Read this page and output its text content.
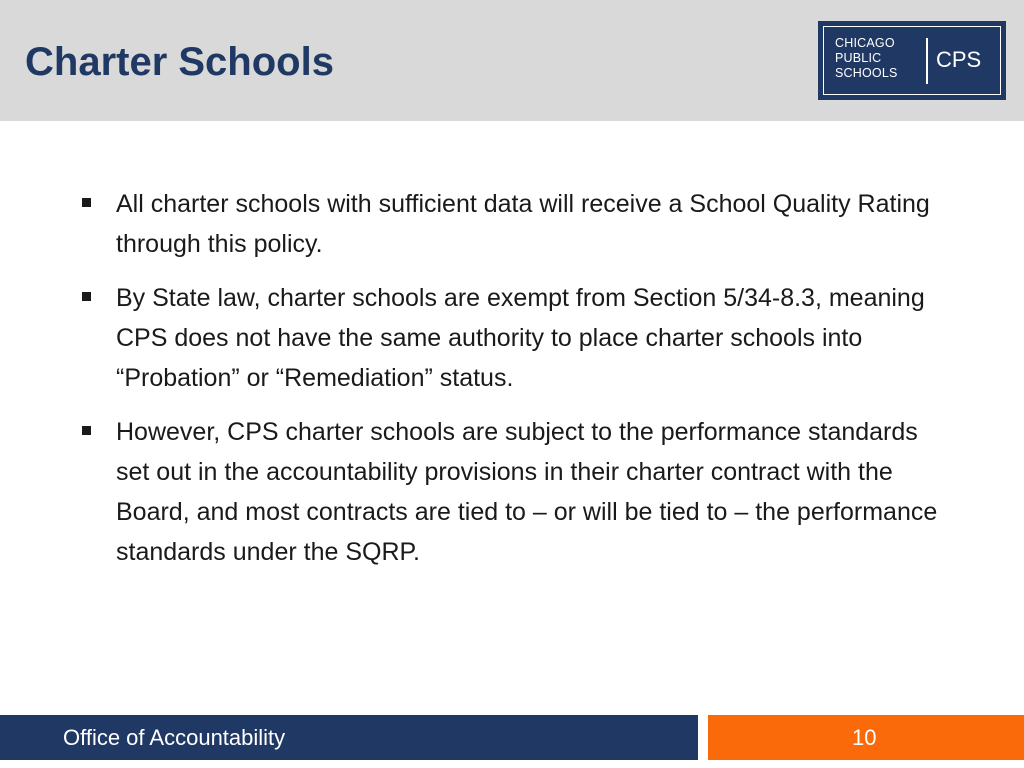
Charter Schools	CHICAGO
PUBLIC
SCHOOLS
CPS
All charter schools with sufficient data will receive a School Quality Rating through this policy.
By State law, charter schools are exempt from Section 5/34-8.3, meaning CPS does not have the same authority to place charter schools into “Probation” or “Remediation” status.
However, CPS charter schools are subject to the performance standards set out in the accountability provisions in their charter contract with the Board, and most contracts are tied to – or will be tied to – the performance standards under the SQRP.
Office of Accountability	10
